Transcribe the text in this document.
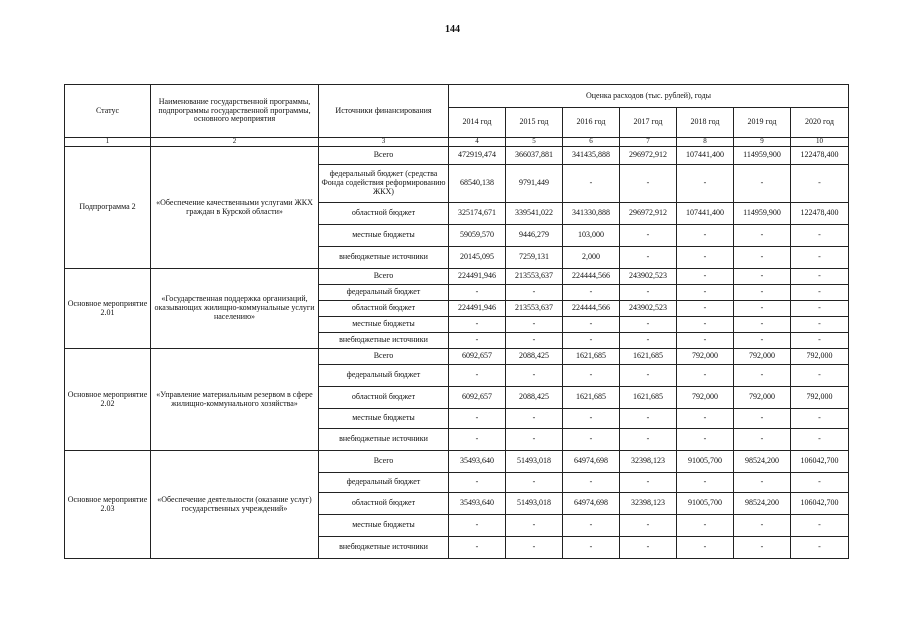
144
Статус	Наименование государственной программы, подпрограммы государственной программы, основного мероприятия	Источники финансирования	Оценка расходов (тыс. рублей), годы						
			2014 год	2015 год	2016 год	2017 год	2018 год	2019 год	2020 год
1	2	3	4	5	6	7	8	9	10
Подпрограмма 2	«Обеспечение качественными услугами ЖКХ граждан в Курской области»	Всего	472919,474	366037,881	341435,888	296972,912	107441,400	114959,900	122478,400
		федеральный бюджет (средства Фонда содействия реформированию ЖКХ)	68540,138	9791,449	-	-	-	-	-
		областной бюджет	325174,671	339541,022	341330,888	296972,912	107441,400	114959,900	122478,400
		местные бюджеты	59059,570	9446,279	103,000	-	-	-	-
		внебюджетные источники	20145,095	7259,131	2,000	-	-	-	-
Основное мероприятие 2.01	«Государственная поддержка организаций, оказывающих жилищно-коммунальные услуги населению»	Всего	224491,946	213553,637	224444,566	243902,523	-	-	-
		федеральный бюджет	-	-	-	-	-	-	-
		областной бюджет	224491,946	213553,637	224444,566	243902,523	-	-	-
		местные бюджеты	-	-	-	-	-	-	-
		внебюджетные источники	-	-	-	-	-	-	-
Основное мероприятие 2.02	«Управление материальным резервом в сфере жилищно-коммунального хозяйства»	Всего	6092,657	2088,425	1621,685	1621,685	792,000	792,000	792,000
		федеральный бюджет	-	-	-	-	-	-	-
		областной бюджет	6092,657	2088,425	1621,685	1621,685	792,000	792,000	792,000
		местные бюджеты	-	-	-	-	-	-	-
		внебюджетные источники	-	-	-	-	-	-	-
Основное мероприятие 2.03	«Обеспечение деятельности (оказание услуг) государственных учреждений»	Всего	35493,640	51493,018	64974,698	32398,123	91005,700	98524,200	106042,700
		федеральный бюджет	-	-	-	-	-	-	-
		областной бюджет	35493,640	51493,018	64974,698	32398,123	91005,700	98524,200	106042,700
		местные бюджеты	-	-	-	-	-	-	-
		внебюджетные источники	-	-	-	-	-	-	-
